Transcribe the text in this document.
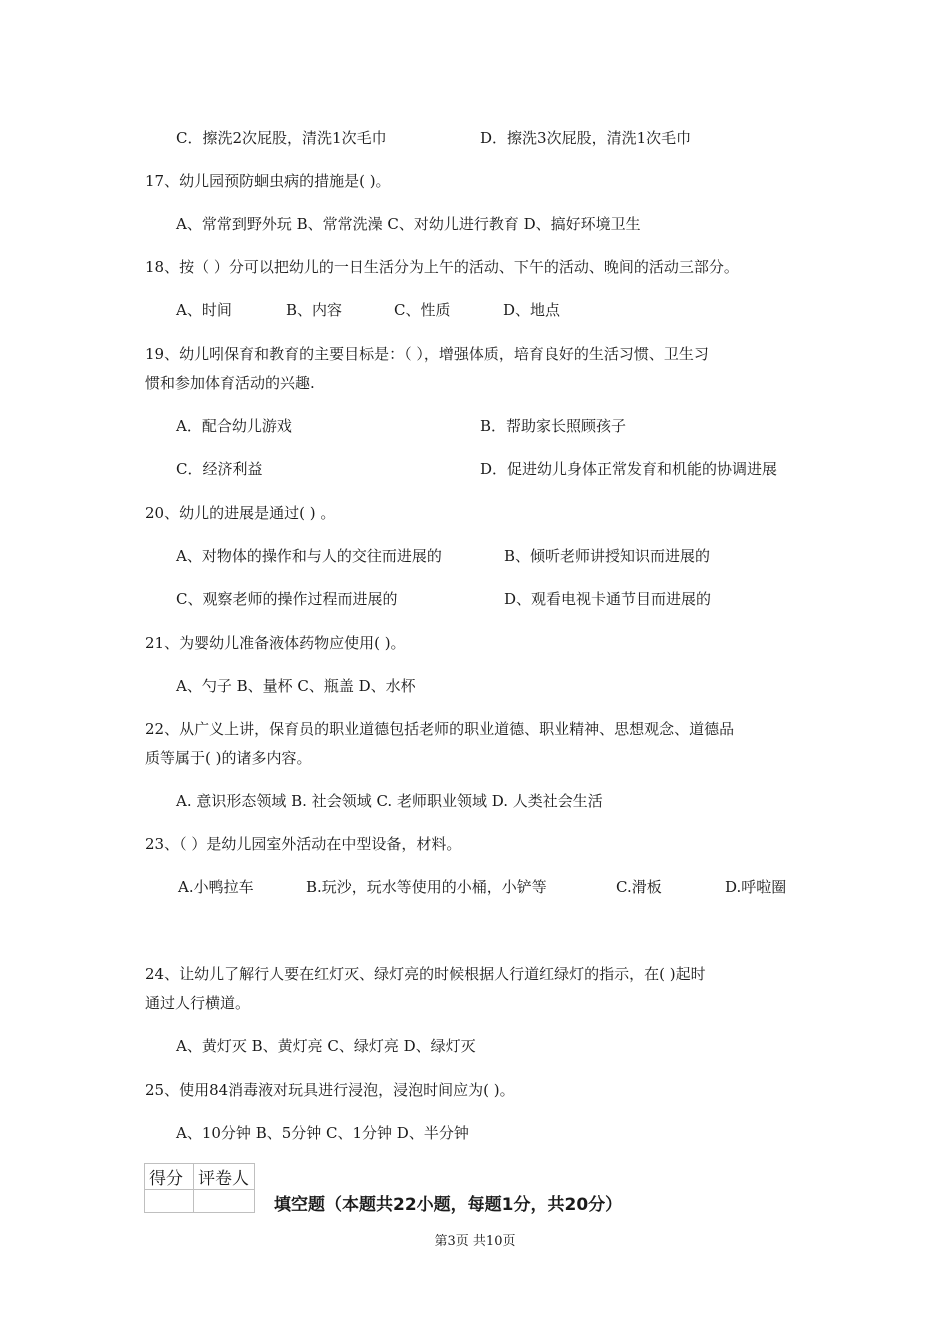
C．擦洗2次屁股，清洗1次毛巾	D．擦洗3次屁股，清洗1次毛巾
17、幼儿园预防蛔虫病的措施是( )。
A、常常到野外玩 B、常常洗澡 C、对幼儿进行教育 D、搞好环境卫生
18、按（ ）分可以把幼儿的一日生活分为上午的活动、下午的活动、晚间的活动三部分。
A、时间	B、内容	C、性质	D、地点
19、幼儿吲保育和教育的主要目标是：（ ），增强体质，培育良好的生活习惯、卫生习
惯和参加体育活动的兴趣.
A．配合幼儿游戏	B．帮助家长照顾孩子
C．经济利益	D．促进幼儿身体正常发育和机能的协调进展
20、幼儿的进展是通过( ) 。
A、对物体的操作和与人的交往而进展的	B、倾听老师讲授知识而进展的
C、观察老师的操作过程而进展的	D、观看电视卡通节目而进展的
21、为婴幼儿准备液体药物应使用( )。
A、勺子 B、量杯 C、瓶盖 D、水杯
22、从广义上讲，保育员的职业道德包括老师的职业道德、职业精神、思想观念、道德品
质等属于( )的诸多内容。
A. 意识形态领域 B. 社会领域 C. 老师职业领域 D. 人类社会生活
23、（ ）是幼儿园室外活动在中型设备，材料。
A.小鸭拉车	B.玩沙，玩水等使用的小桶，小铲等	C.滑板	D.呼啦圈
24、让幼儿了解行人要在红灯灭、绿灯亮的时候根据人行道红绿灯的指示，在( )起时
通过人行横道。
A、黄灯灭 B、黄灯亮 C、绿灯亮 D、绿灯灭
25、使用84消毒液对玩具进行浸泡，浸泡时间应为( )。
A、10分钟 B、5分钟 C、1分钟 D、半分钟
得分	评卷人

填空题（本题共22小题，每题1分，共20分）
第3页 共10页
